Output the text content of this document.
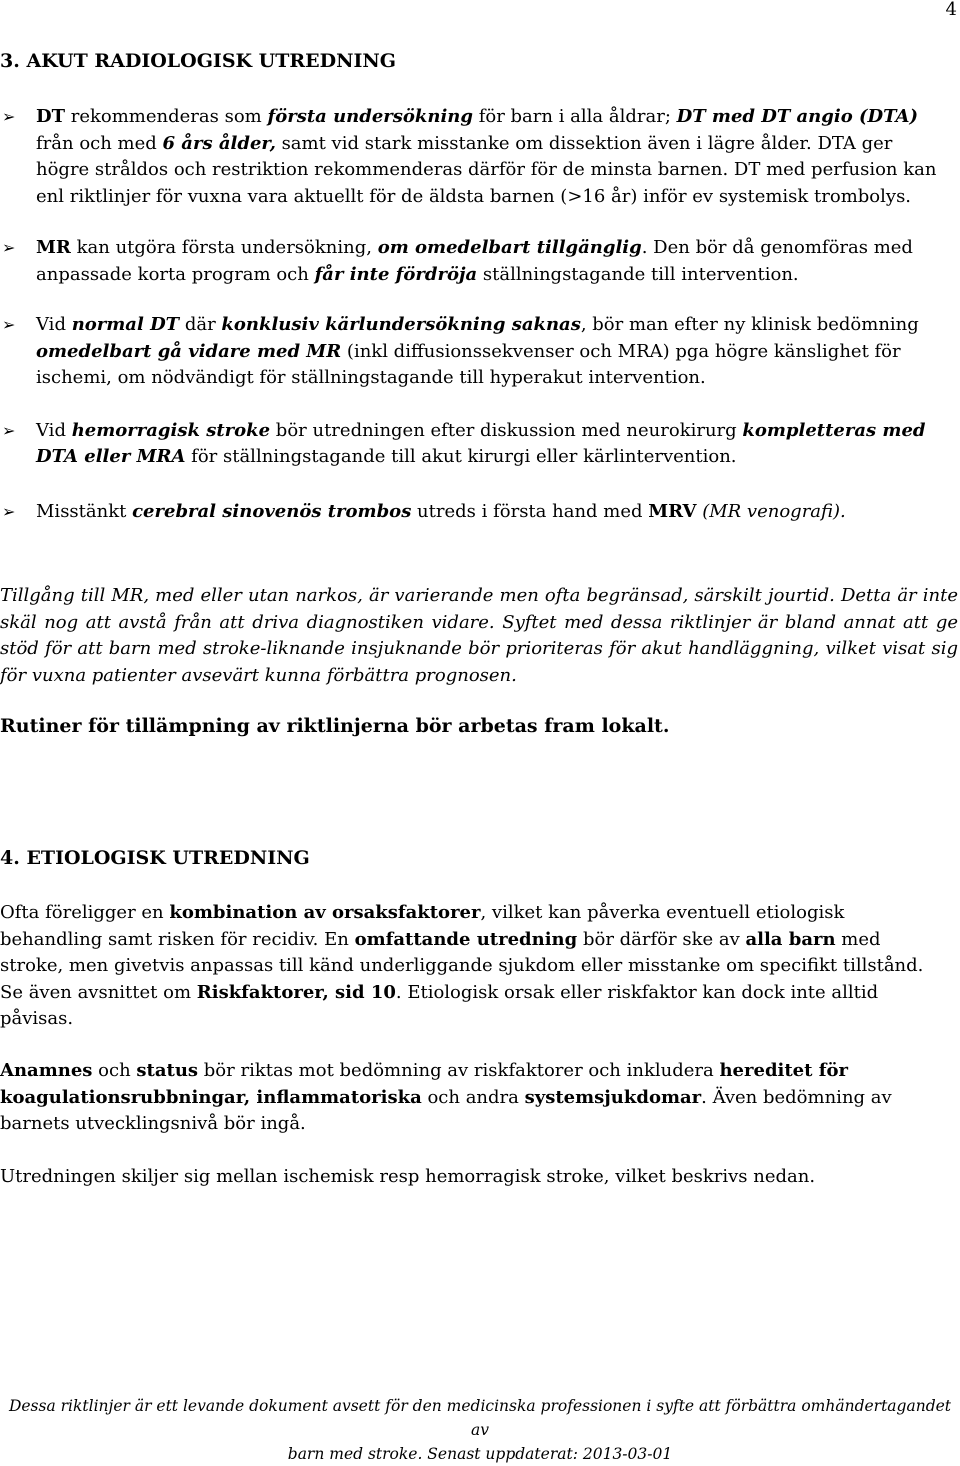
4
3. AKUT RADIOLOGISK UTREDNING
➢ DT rekommenderas som första undersökning för barn i alla åldrar; DT med DT angio (DTA) från och med 6 års ålder, samt vid stark misstanke om dissektion även i lägre ålder. DTA ger högre stråldos och restriktion rekommenderas därför för de minsta barnen. DT med perfusion kan enl riktlinjer för vuxna vara aktuellt för de äldsta barnen (>16 år) inför ev systemisk trombolys.
➢ MR kan utgöra första undersökning, om omedelbart tillgänglig. Den bör då genomföras med anpassade korta program och får inte fördröja ställningstagande till intervention.
➢ Vid normal DT där konklusiv kärlundersökning saknas, bör man efter ny klinisk bedömning omedelbart gå vidare med MR (inkl diffusionssekvenser och MRA) pga högre känslighet för ischemi, om nödvändigt för ställningstagande till hyperakut intervention.
➢ Vid hemorragisk stroke bör utredningen efter diskussion med neurokirurg kompletteras med DTA eller MRA för ställningstagande till akut kirurgi eller kärlintervention.
➢ Misstänkt cerebral sinovenös trombos utreds i första hand med MRV (MR venografi).

Tillgång till MR, med eller utan narkos, är varierande men ofta begränsad, särskilt jourtid. Detta är inte skäl nog att avstå från att driva diagnostiken vidare. Syftet med dessa riktlinjer är bland annat att ge stöd för att barn med stroke-liknande insjuknande bör prioriteras för akut handläggning, vilket visat sig för vuxna patienter avsevärt kunna förbättra prognosen.

Rutiner för tillämpning av riktlinjerna bör arbetas fram lokalt.

4. ETIOLOGISK UTREDNING

Ofta föreligger en kombination av orsaksfaktorer, vilket kan påverka eventuell etiologisk behandling samt risken för recidiv. En omfattande utredning bör därför ske av alla barn med stroke, men givetvis anpassas till känd underliggande sjukdom eller misstanke om specifikt tillstånd. Se även avsnittet om Riskfaktorer, sid 10. Etiologisk orsak eller riskfaktor kan dock inte alltid påvisas.

Anamnes och status bör riktas mot bedömning av riskfaktorer och inkludera hereditet för koagulationsrubbningar, inflammatoriska och andra systemsjukdomar. Även bedömning av barnets utvecklingsnivå bör ingå.

Utredningen skiljer sig mellan ischemisk resp hemorragisk stroke, vilket beskrivs nedan.

Dessa riktlinjer är ett levande dokument avsett för den medicinska professionen i syfte att förbättra omhändertagandet av
barn med stroke. Senast uppdaterat: 2013-03-01
